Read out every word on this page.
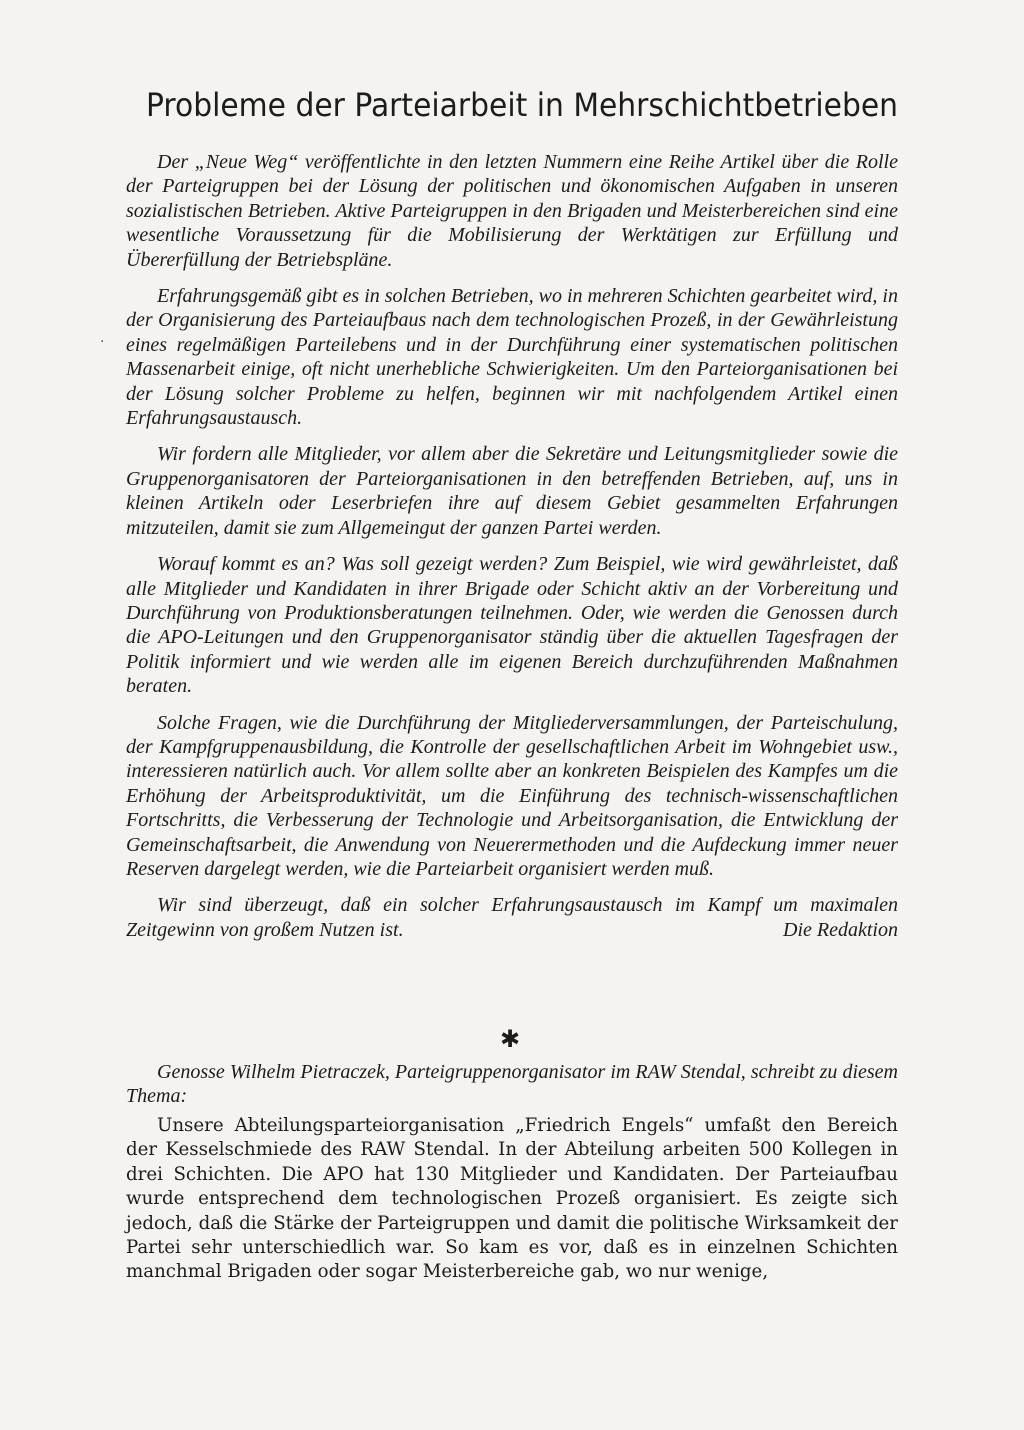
Probleme der Parteiarbeit in Mehrschichtbetrieben
·

Der „Neue Weg“ veröffentlichte in den letzten Nummern eine Reihe Artikel über die Rolle der Parteigruppen bei der Lösung der politischen und ökonomischen Aufgaben in unseren sozialistischen Betrieben. Aktive Parteigruppen in den Brigaden und Meisterbereichen sind eine wesentliche Voraussetzung für die Mobilisierung der Werktätigen zur Erfüllung und Übererfüllung der Betriebspläne.

Erfahrungsgemäß gibt es in solchen Betrieben, wo in mehreren Schichten gearbeitet wird, in der Organisierung des Parteiaufbaus nach dem technologischen Prozeß, in der Gewährleistung eines regelmäßigen Parteilebens und in der Durchführung einer systematischen politischen Massenarbeit einige, oft nicht unerhebliche Schwierigkeiten. Um den Parteiorganisationen bei der Lösung solcher Probleme zu helfen, beginnen wir mit nachfolgendem Artikel einen Erfahrungsaustausch.

Wir fordern alle Mitglieder, vor allem aber die Sekretäre und Leitungsmitglieder sowie die Gruppenorganisatoren der Parteiorganisationen in den betreffenden Betrieben, auf, uns in kleinen Artikeln oder Leserbriefen ihre auf diesem Gebiet gesammelten Erfahrungen mitzuteilen, damit sie zum Allgemeingut der ganzen Partei werden.

Worauf kommt es an? Was soll gezeigt werden? Zum Beispiel, wie wird gewährleistet, daß alle Mitglieder und Kandidaten in ihrer Brigade oder Schicht aktiv an der Vorbereitung und Durchführung von Produktionsberatungen teilnehmen. Oder, wie werden die Genossen durch die APO-Leitungen und den Gruppenorganisator ständig über die aktuellen Tagesfragen der Politik informiert und wie werden alle im eigenen Bereich durchzuführenden Maßnahmen beraten.

Solche Fragen, wie die Durchführung der Mitgliederversammlungen, der Parteischulung, der Kampfgruppenausbildung, die Kontrolle der gesellschaftlichen Arbeit im Wohngebiet usw., interessieren natürlich auch. Vor allem sollte aber an konkreten Beispielen des Kampfes um die Erhöhung der Arbeitsproduktivität, um die Einführung des technisch-wissenschaftlichen Fortschritts, die Verbesserung der Technologie und Arbeitsorganisation, die Entwicklung der Gemeinschaftsarbeit, die Anwendung von Neuerermethoden und die Aufdeckung immer neuer Reserven dargelegt werden, wie die Parteiarbeit organisiert werden muß.

Wir sind überzeugt, daß ein solcher Erfahrungsaustausch im Kampf um maximalen Zeitgewinn von großem Nutzen ist.	Die Redaktion

✱

Genosse Wilhelm Pietraczek, Parteigruppenorganisator im RAW Stendal, schreibt zu diesem Thema:

Unsere Abteilungsparteiorganisation „Friedrich Engels“ umfaßt den Bereich der Kesselschmiede des RAW Stendal. In der Abteilung arbeiten 500 Kollegen in drei Schichten. Die APO hat 130 Mitglieder und Kandidaten. Der Parteiaufbau wurde entsprechend dem technologischen Prozeß organisiert. Es zeigte sich jedoch, daß die Stärke der Parteigruppen und damit die politische Wirksamkeit der Partei sehr unterschiedlich war. So kam es vor, daß es in einzelnen Schichten manchmal Brigaden oder sogar Meisterbereiche gab, wo nur wenige,
